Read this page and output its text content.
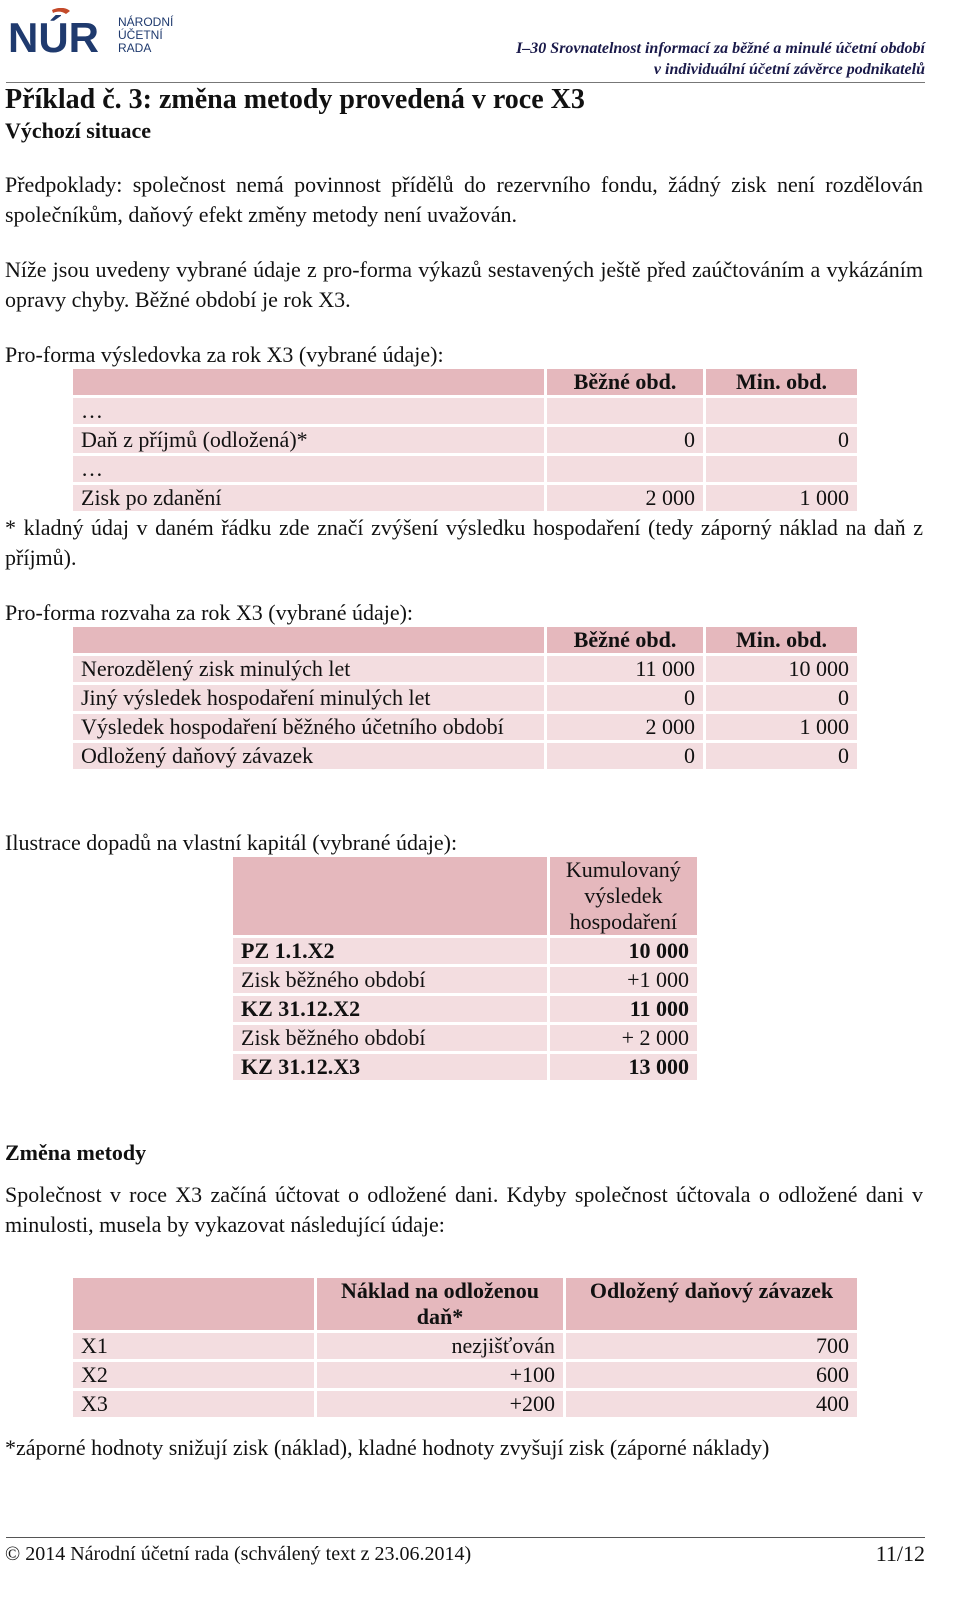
NÚR NÁRODNÍ
ÚČETNÍ
RADA	I–30 Srovnatelnost informací za běžné a minulé účetní období
v individuální účetní závěrce podnikatelů
Příklad č. 3: změna metody provedená v roce X3
Výchozí situace
Předpoklady: společnost nemá povinnost přídělů do rezervního fondu, žádný zisk není rozdělován společníkům, daňový efekt změny metody není uvažován.
Níže jsou uvedeny vybrané údaje z pro-forma výkazů sestavených ještě před zaúčtováním a vykázáním opravy chyby. Běžné období je rok X3.
Pro-forma výsledovka za rok X3 (vybrané údaje):
	Běžné obd.	Min. obd.
…		
Daň z příjmů (odložená)*	0	0
…		
Zisk po zdanění	2 000	1 000
* kladný údaj v daném řádku zde značí zvýšení výsledku hospodaření (tedy záporný náklad na daň z příjmů).
Pro-forma rozvaha za rok X3 (vybrané údaje):
	Běžné obd.	Min. obd.
Nerozdělený zisk minulých let	11 000	10 000
Jiný výsledek hospodaření minulých let	0	0
Výsledek hospodaření běžného účetního období	2 000	1 000
Odložený daňový závazek	0	0
Ilustrace dopadů na vlastní kapitál (vybrané údaje):
	Kumulovaný výsledek hospodaření
PZ 1.1.X2	10 000
Zisk běžného období	+1 000
KZ 31.12.X2	11 000
Zisk běžného období	+ 2 000
KZ 31.12.X3	13 000
Změna metody
Společnost v roce X3 začíná účtovat o odložené dani. Kdyby společnost účtovala o odložené dani v minulosti, musela by vykazovat následující údaje:
	Náklad na odloženou daň*	Odložený daňový závazek
X1	nezjišťován	700
X2	+100	600
X3	+200	400
*záporné hodnoty snižují zisk (náklad), kladné hodnoty zvyšují zisk (záporné náklady)
© 2014 Národní účetní rada (schválený text z 23.06.2014)	11/12
